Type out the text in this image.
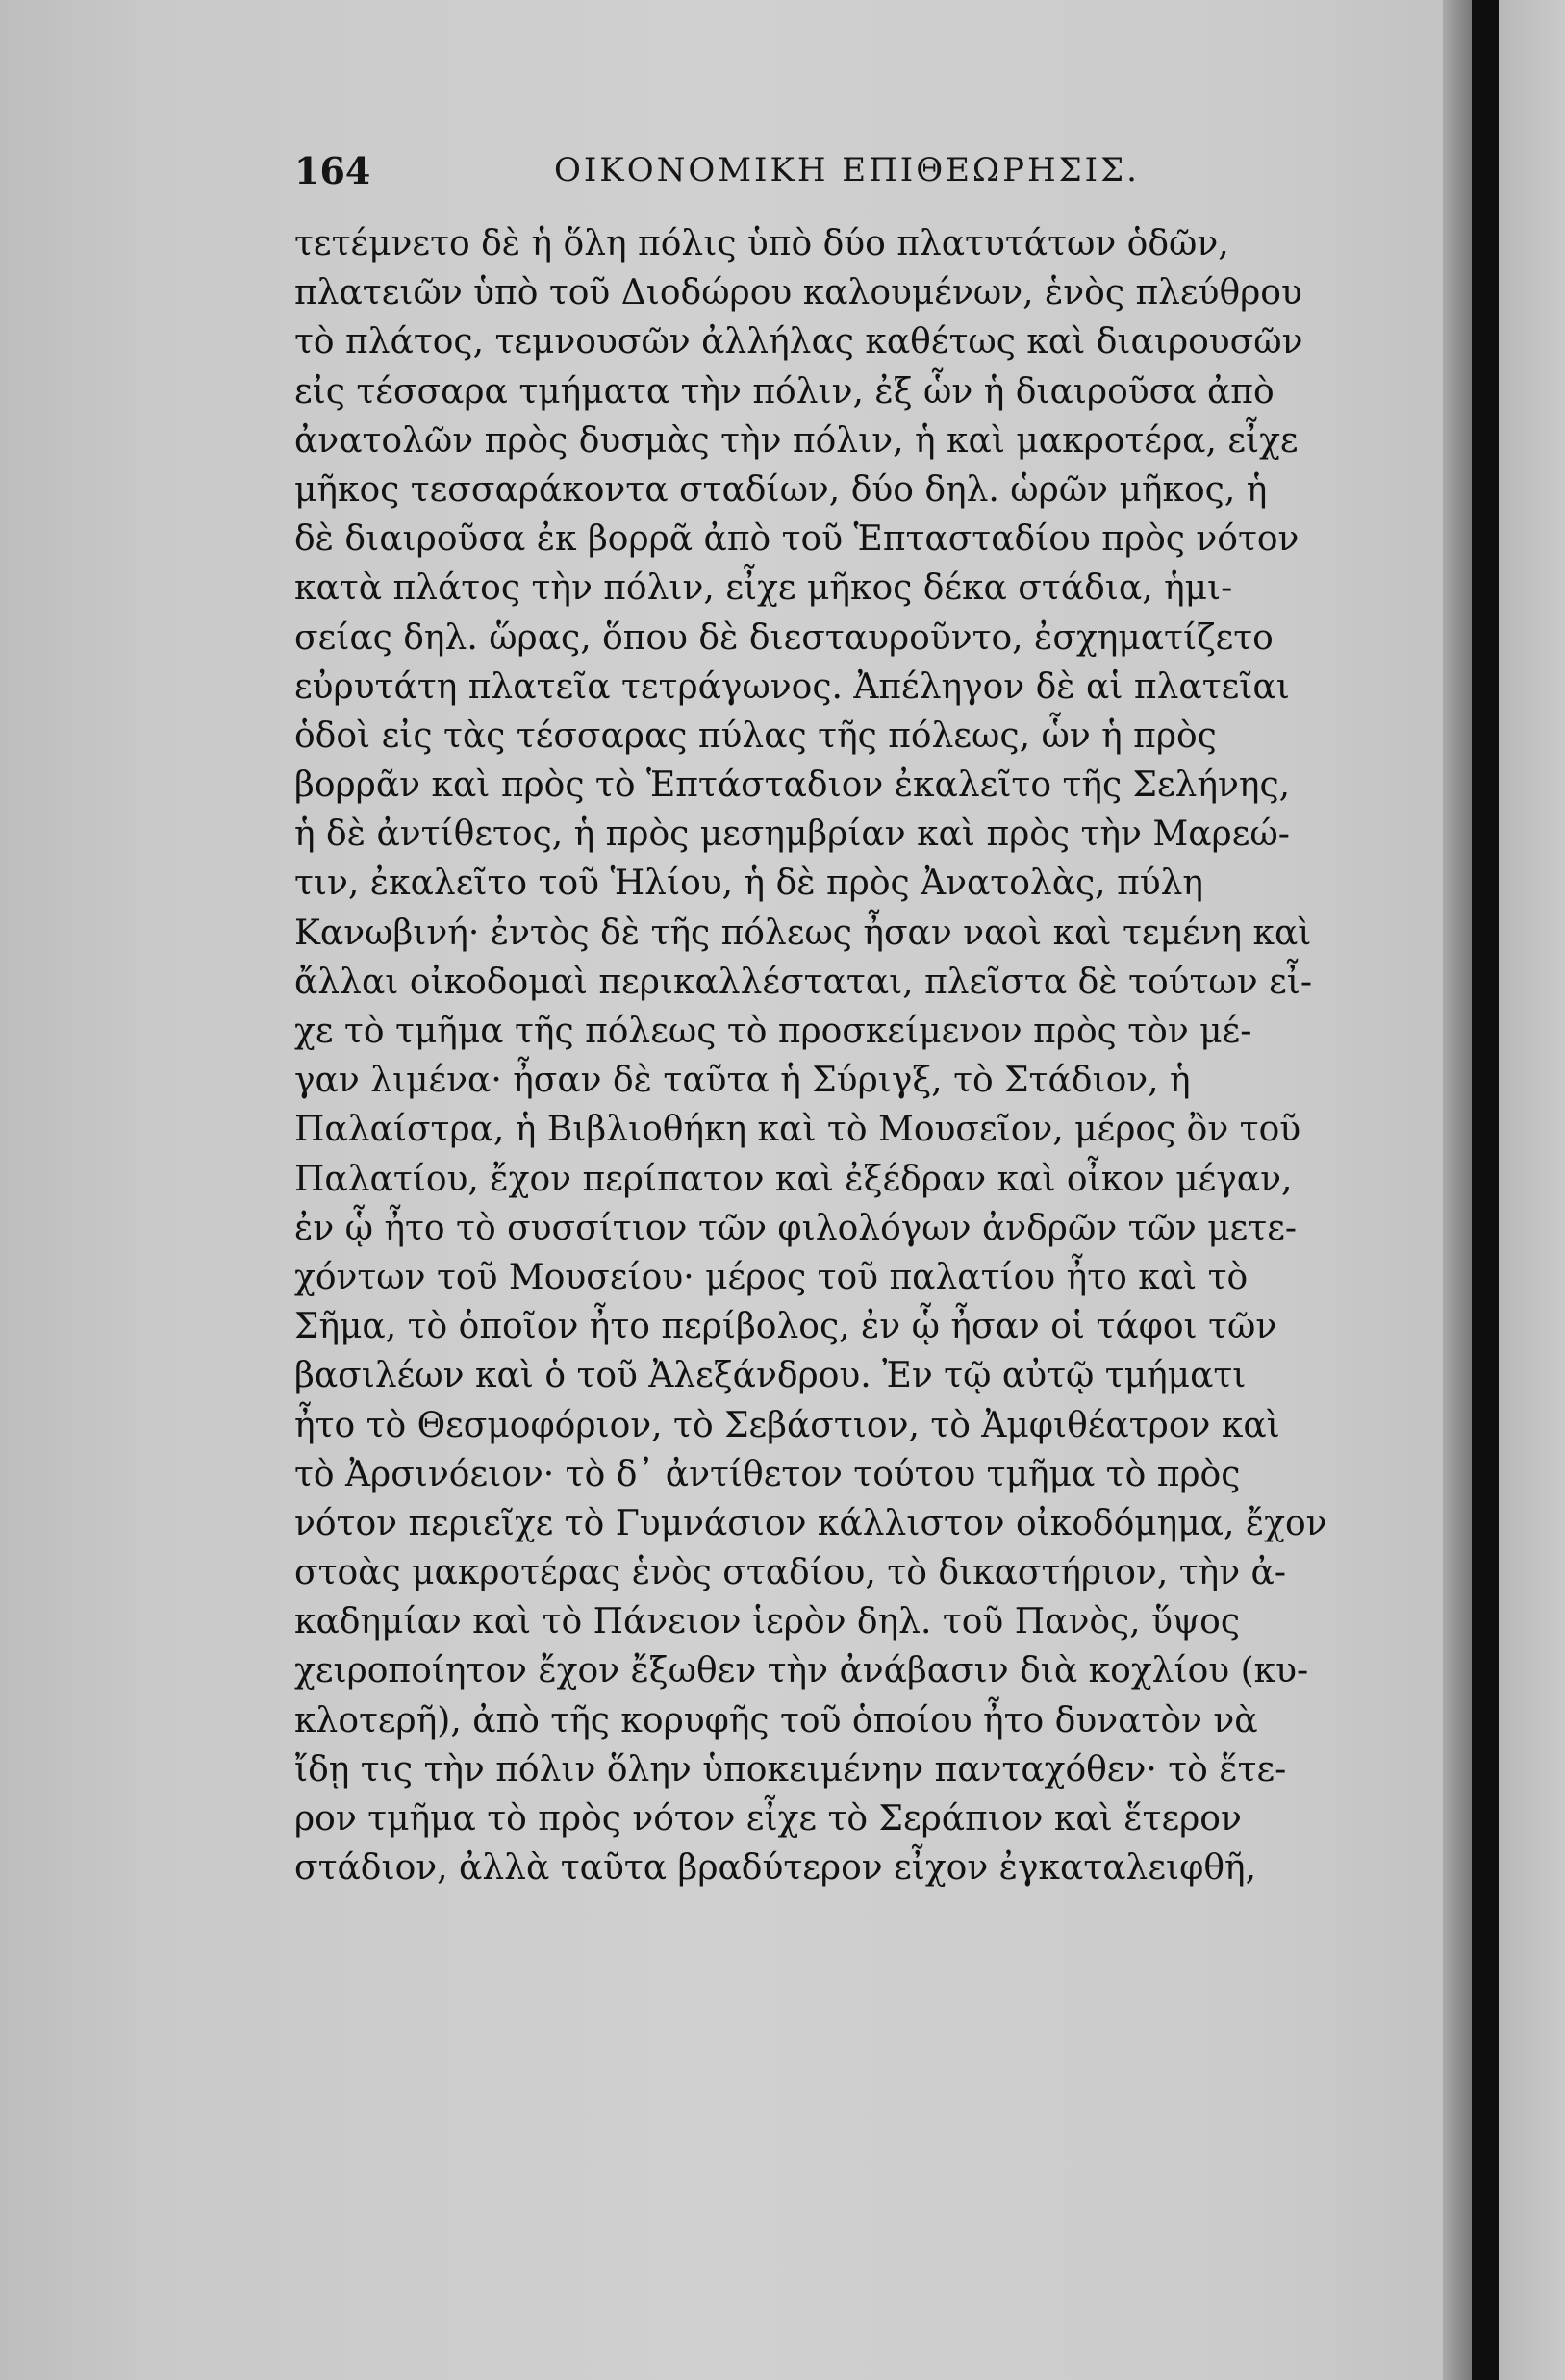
164	ΟΙΚΟΝΟΜΙΚΗ ΕΠΙΘΕΩΡΗΣΙΣ.
τετέμνετο δὲ ἡ ὅλη πόλις ὑπὸ δύο πλατυτάτων ὁδῶν,
πλατειῶν ὑπὸ τοῦ Διοδώρου καλουμένων, ἑνὸς πλεύθρου
τὸ πλάτος, τεμνουσῶν ἀλλήλας καθέτως καὶ διαιρουσῶν
εἰς τέσσαρα τμήματα τὴν πόλιν, ἐξ ὧν ἡ διαιροῦσα ἀπὸ
ἀνατολῶν πρὸς δυσμὰς τὴν πόλιν, ἡ καὶ μακροτέρα, εἶχε
μῆκος τεσσαράκοντα σταδίων, δύο δηλ. ὡρῶν μῆκος, ἡ
δὲ διαιροῦσα ἐκ βορρᾶ ἀπὸ τοῦ Ἑπτασταδίου πρὸς νότον
κατὰ πλάτος τὴν πόλιν, εἶχε μῆκος δέκα στάδια, ἡμι-
σείας δηλ. ὥρας, ὅπου δὲ διεσταυροῦντο, ἐσχηματίζετο
εὐρυτάτη πλατεῖα τετράγωνος. Ἀπέληγον δὲ αἱ πλατεῖαι
ὁδοὶ εἰς τὰς τέσσαρας πύλας τῆς πόλεως, ὧν ἡ πρὸς
βορρᾶν καὶ πρὸς τὸ Ἑπτάσταδιον ἐκαλεῖτο τῆς Σελήνης,
ἡ δὲ ἀντίθετος, ἡ πρὸς μεσημβρίαν καὶ πρὸς τὴν Μαρεώ-
τιν, ἐκαλεῖτο τοῦ Ἡλίου, ἡ δὲ πρὸς Ἀνατολὰς, πύλη
Κανωβινή· ἐντὸς δὲ τῆς πόλεως ἦσαν ναοὶ καὶ τεμένη καὶ
ἄλλαι οἰκοδομαὶ περικαλλέσταται, πλεῖστα δὲ τούτων εἶ-
χε τὸ τμῆμα τῆς πόλεως τὸ προσκείμενον πρὸς τὸν μέ-
γαν λιμένα· ἦσαν δὲ ταῦτα ἡ Σύριγξ, τὸ Στάδιον, ἡ
Παλαίστρα, ἡ Βιβλιοθήκη καὶ τὸ Μουσεῖον, μέρος ὂν τοῦ
Παλατίου, ἔχον περίπατον καὶ ἐξέδραν καὶ οἶκον μέγαν,
ἐν ᾧ ἦτο τὸ συσσίτιον τῶν φιλολόγων ἀνδρῶν τῶν μετε-
χόντων τοῦ Μουσείου· μέρος τοῦ παλατίου ἦτο καὶ τὸ
Σῆμα, τὸ ὁποῖον ἦτο περίβολος, ἐν ᾧ ἦσαν οἱ τάφοι τῶν
βασιλέων καὶ ὁ τοῦ Ἀλεξάνδρου. Ἐν τῷ αὐτῷ τμήματι
ἦτο τὸ Θεσμοφόριον, τὸ Σεβάστιον, τὸ Ἀμφιθέατρον καὶ
τὸ Ἀρσινόειον· τὸ δ᾽ ἀντίθετον τούτου τμῆμα τὸ πρὸς
νότον περιεῖχε τὸ Γυμνάσιον κάλλιστον οἰκοδόμημα, ἔχον
στοὰς μακροτέρας ἑνὸς σταδίου, τὸ δικαστήριον, τὴν ἀ-
καδημίαν καὶ τὸ Πάνειον ἱερὸν δηλ. τοῦ Πανὸς, ὕψος
χειροποίητον ἔχον ἔξωθεν τὴν ἀνάβασιν διὰ κοχλίου (κυ-
κλοτερῆ), ἀπὸ τῆς κορυφῆς τοῦ ὁποίου ἦτο δυνατὸν νὰ
ἴδῃ τις τὴν πόλιν ὅλην ὑποκειμένην πανταχόθεν· τὸ ἕτε-
ρον τμῆμα τὸ πρὸς νότον εἶχε τὸ Σεράπιον καὶ ἕτερον
στάδιον, ἀλλὰ ταῦτα βραδύτερον εἶχον ἐγκαταλειφθῆ,
